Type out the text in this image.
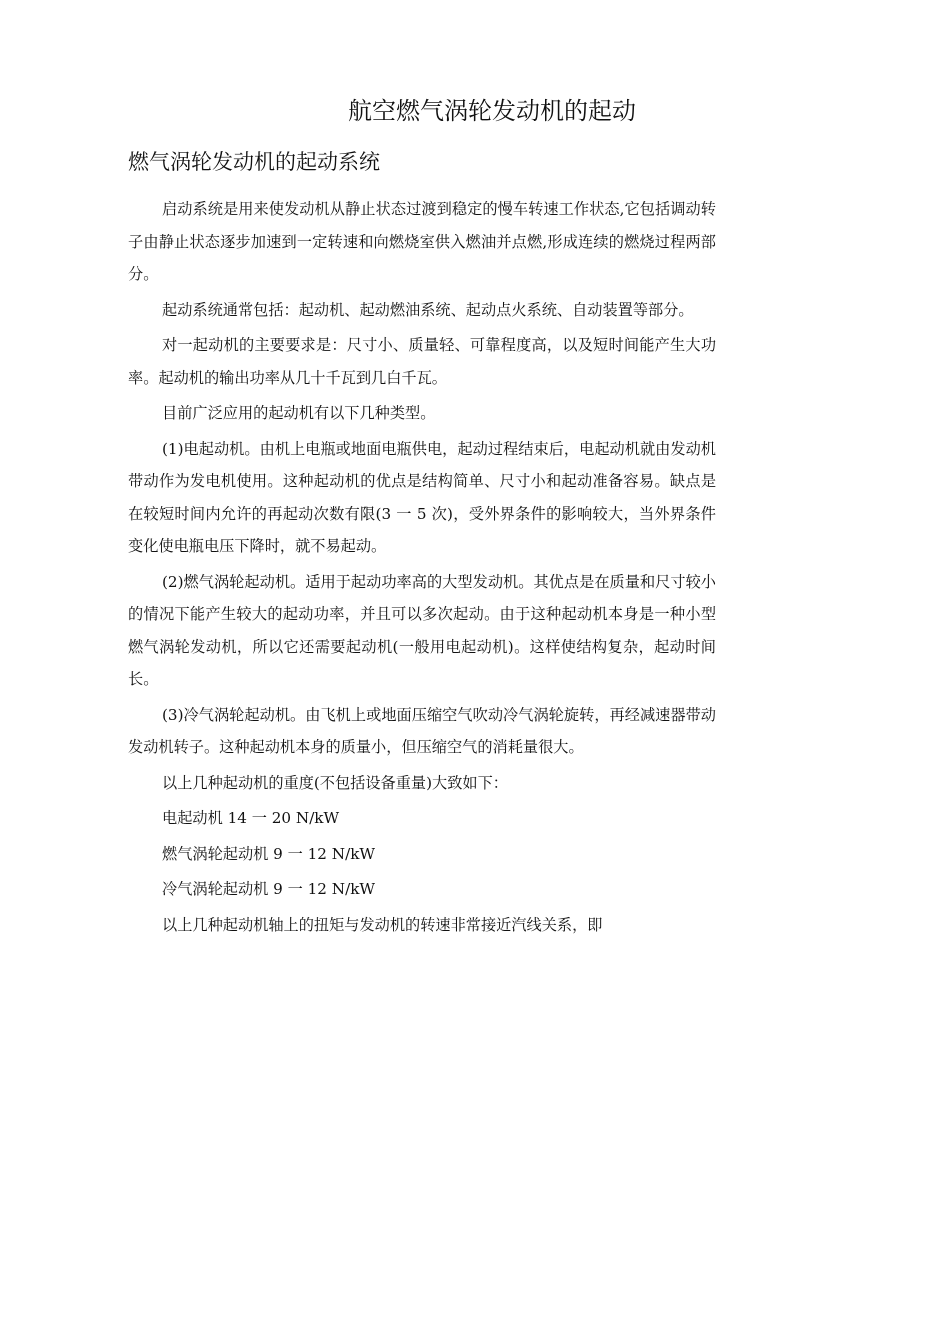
航空燃气涡轮发动机的起动
燃气涡轮发动机的起动系统

启动系统是用来使发动机从静止状态过渡到稳定的慢车转速工作状态,它包括调动转子由静止状态逐步加速到一定转速和向燃烧室供入燃油并点燃,形成连续的燃烧过程两部分。

起动系统通常包括：起动机、起动燃油系统、起动点火系统、自动装置等部分。

对一起动机的主要要求是：尺寸小、质量轻、可靠程度高，以及短时间能产生大功率。起动机的输出功率从几十千瓦到几白千瓦。

目前广泛应用的起动机有以下几种类型。

(1)电起动机。由机上电瓶或地面电瓶供电，起动过程结束后，电起动机就由发动机带动作为发电机使用。这种起动机的优点是结构简单、尺寸小和起动准备容易。缺点是在较短时间内允许的再起动次数有限(3 一 5 次)，受外界条件的影响较大，当外界条件变化使电瓶电压下降时，就不易起动。

(2)燃气涡轮起动机。适用于起动功率高的大型发动机。其优点是在质量和尺寸较小的情况下能产生较大的起动功率，并且可以多次起动。由于这种起动机本身是一种小型燃气涡轮发动机，所以它还需要起动机(一般用电起动机)。这样使结构复杂，起动时间长。

(3)冷气涡轮起动机。由飞机上或地面压缩空气吹动冷气涡轮旋转，再经减速器带动发动机转子。这种起动机本身的质量小，但压缩空气的消耗量很大。

以上几种起动机的重度(不包括设备重量)大致如下：

电起动机 14 一 20 N/kW

燃气涡轮起动机 9 一 12 N/kW

冷气涡轮起动机 9 一 12 N/kW

以上几种起动机轴上的扭矩与发动机的转速非常接近汽线关系，即
